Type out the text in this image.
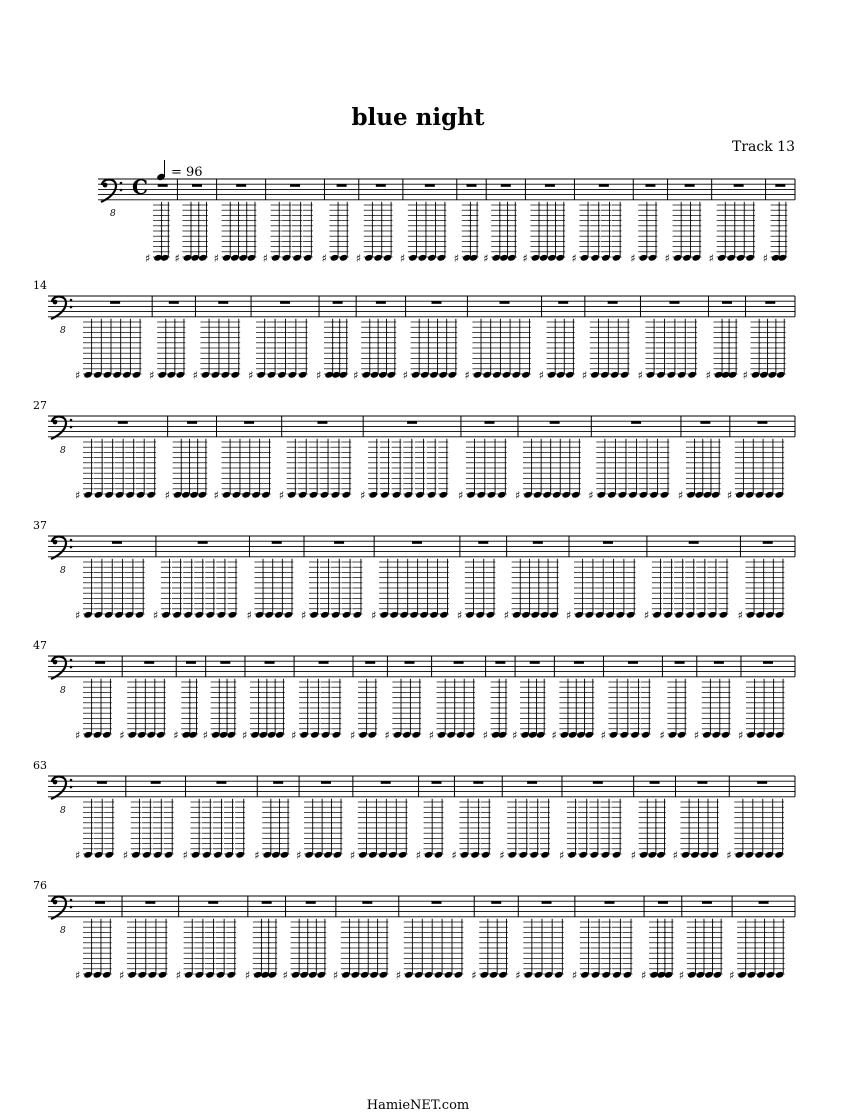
blue night
Track 13
= 96
8
C
♯ ♯	♯	♯	♯	♯	♯	♯ ♯	♯	♯	♯	♯	♯	♯
8
14
♯	♯	♯	♯	♯	♯	♯	♯	♯	♯	♯	♯	♯
8
27
♯	♯	♯	♯	♯	♯	♯	♯	♯	♯
8
37
♯	♯	♯	♯	♯	♯	♯	♯	♯	♯
8
47
♯	♯	♯ ♯	♯	♯	♯	♯	♯	♯ ♯	♯	♯	♯	♯	♯
8
63
♯	♯	♯	♯	♯	♯	♯	♯	♯	♯	♯	♯	♯
8
76
♯	♯	♯	♯	♯	♯	♯	♯	♯	♯	♯	♯	♯
HamieNET.com
